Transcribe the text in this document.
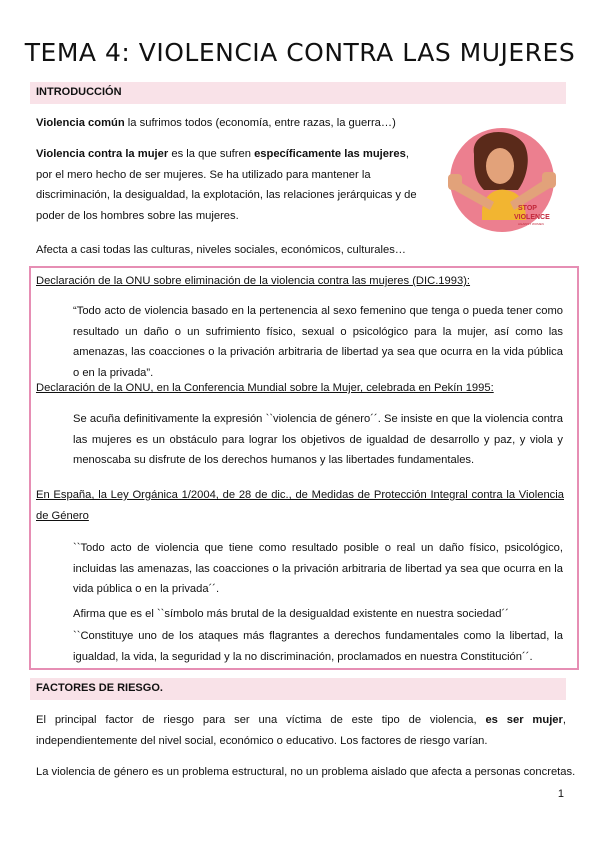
TEMA 4: VIOLENCIA CONTRA LAS MUJERES
INTRODUCCIÓN
Violencia común la sufrimos todos (economía, entre razas, la guerra…)
Violencia contra la mujer es la que sufren específicamente las mujeres, por el mero hecho de ser mujeres. Se ha utilizado para mantener la discriminación, la desigualdad, la explotación, las relaciones jerárquicas y de poder de los hombres sobre las mujeres.
STOP
VIOLENCE
AGAINST WOMEN
Afecta a casi todas las culturas, niveles sociales, económicos, culturales…
Declaración de la ONU sobre eliminación de la violencia contra las mujeres (DIC.1993):
“Todo acto de violencia basado en la pertenencia al sexo femenino que tenga o pueda tener como resultado un daño o un sufrimiento físico, sexual o psicológico para la mujer, así como las amenazas, las coacciones o la privación arbitraria de libertad ya sea que ocurra en la vida pública o en la privada”.
Declaración de la ONU, en la Conferencia Mundial sobre la Mujer, celebrada en Pekín 1995:
Se acuña definitivamente la expresión ``violencia de género´´. Se insiste en que la violencia contra las mujeres es un obstáculo para lograr los objetivos de igualdad de desarrollo y paz, y viola y menoscaba su disfrute de los derechos humanos y las libertades fundamentales.
En España, la Ley Orgánica 1/2004, de 28 de dic., de Medidas de Protección Integral contra la Violencia de Género
``Todo acto de violencia que tiene como resultado posible o real un daño físico, psicológico, incluidas las amenazas, las coacciones o la privación arbitraria de libertad ya sea que ocurra en la vida pública o en la privada´´.
Afirma que es el ``símbolo más brutal de la desigualdad existente en nuestra sociedad´´
``Constituye uno de los ataques más flagrantes a derechos fundamentales como la libertad, la igualdad, la vida, la seguridad y la no discriminación, proclamados en nuestra Constitución´´.
FACTORES DE RIESGO.
El principal factor de riesgo para ser una víctima de este tipo de violencia, es ser mujer, independientemente del nivel social, económico o educativo. Los factores de riesgo varían.
La violencia de género es un problema estructural, no un problema aislado que afecta a personas concretas.
1
